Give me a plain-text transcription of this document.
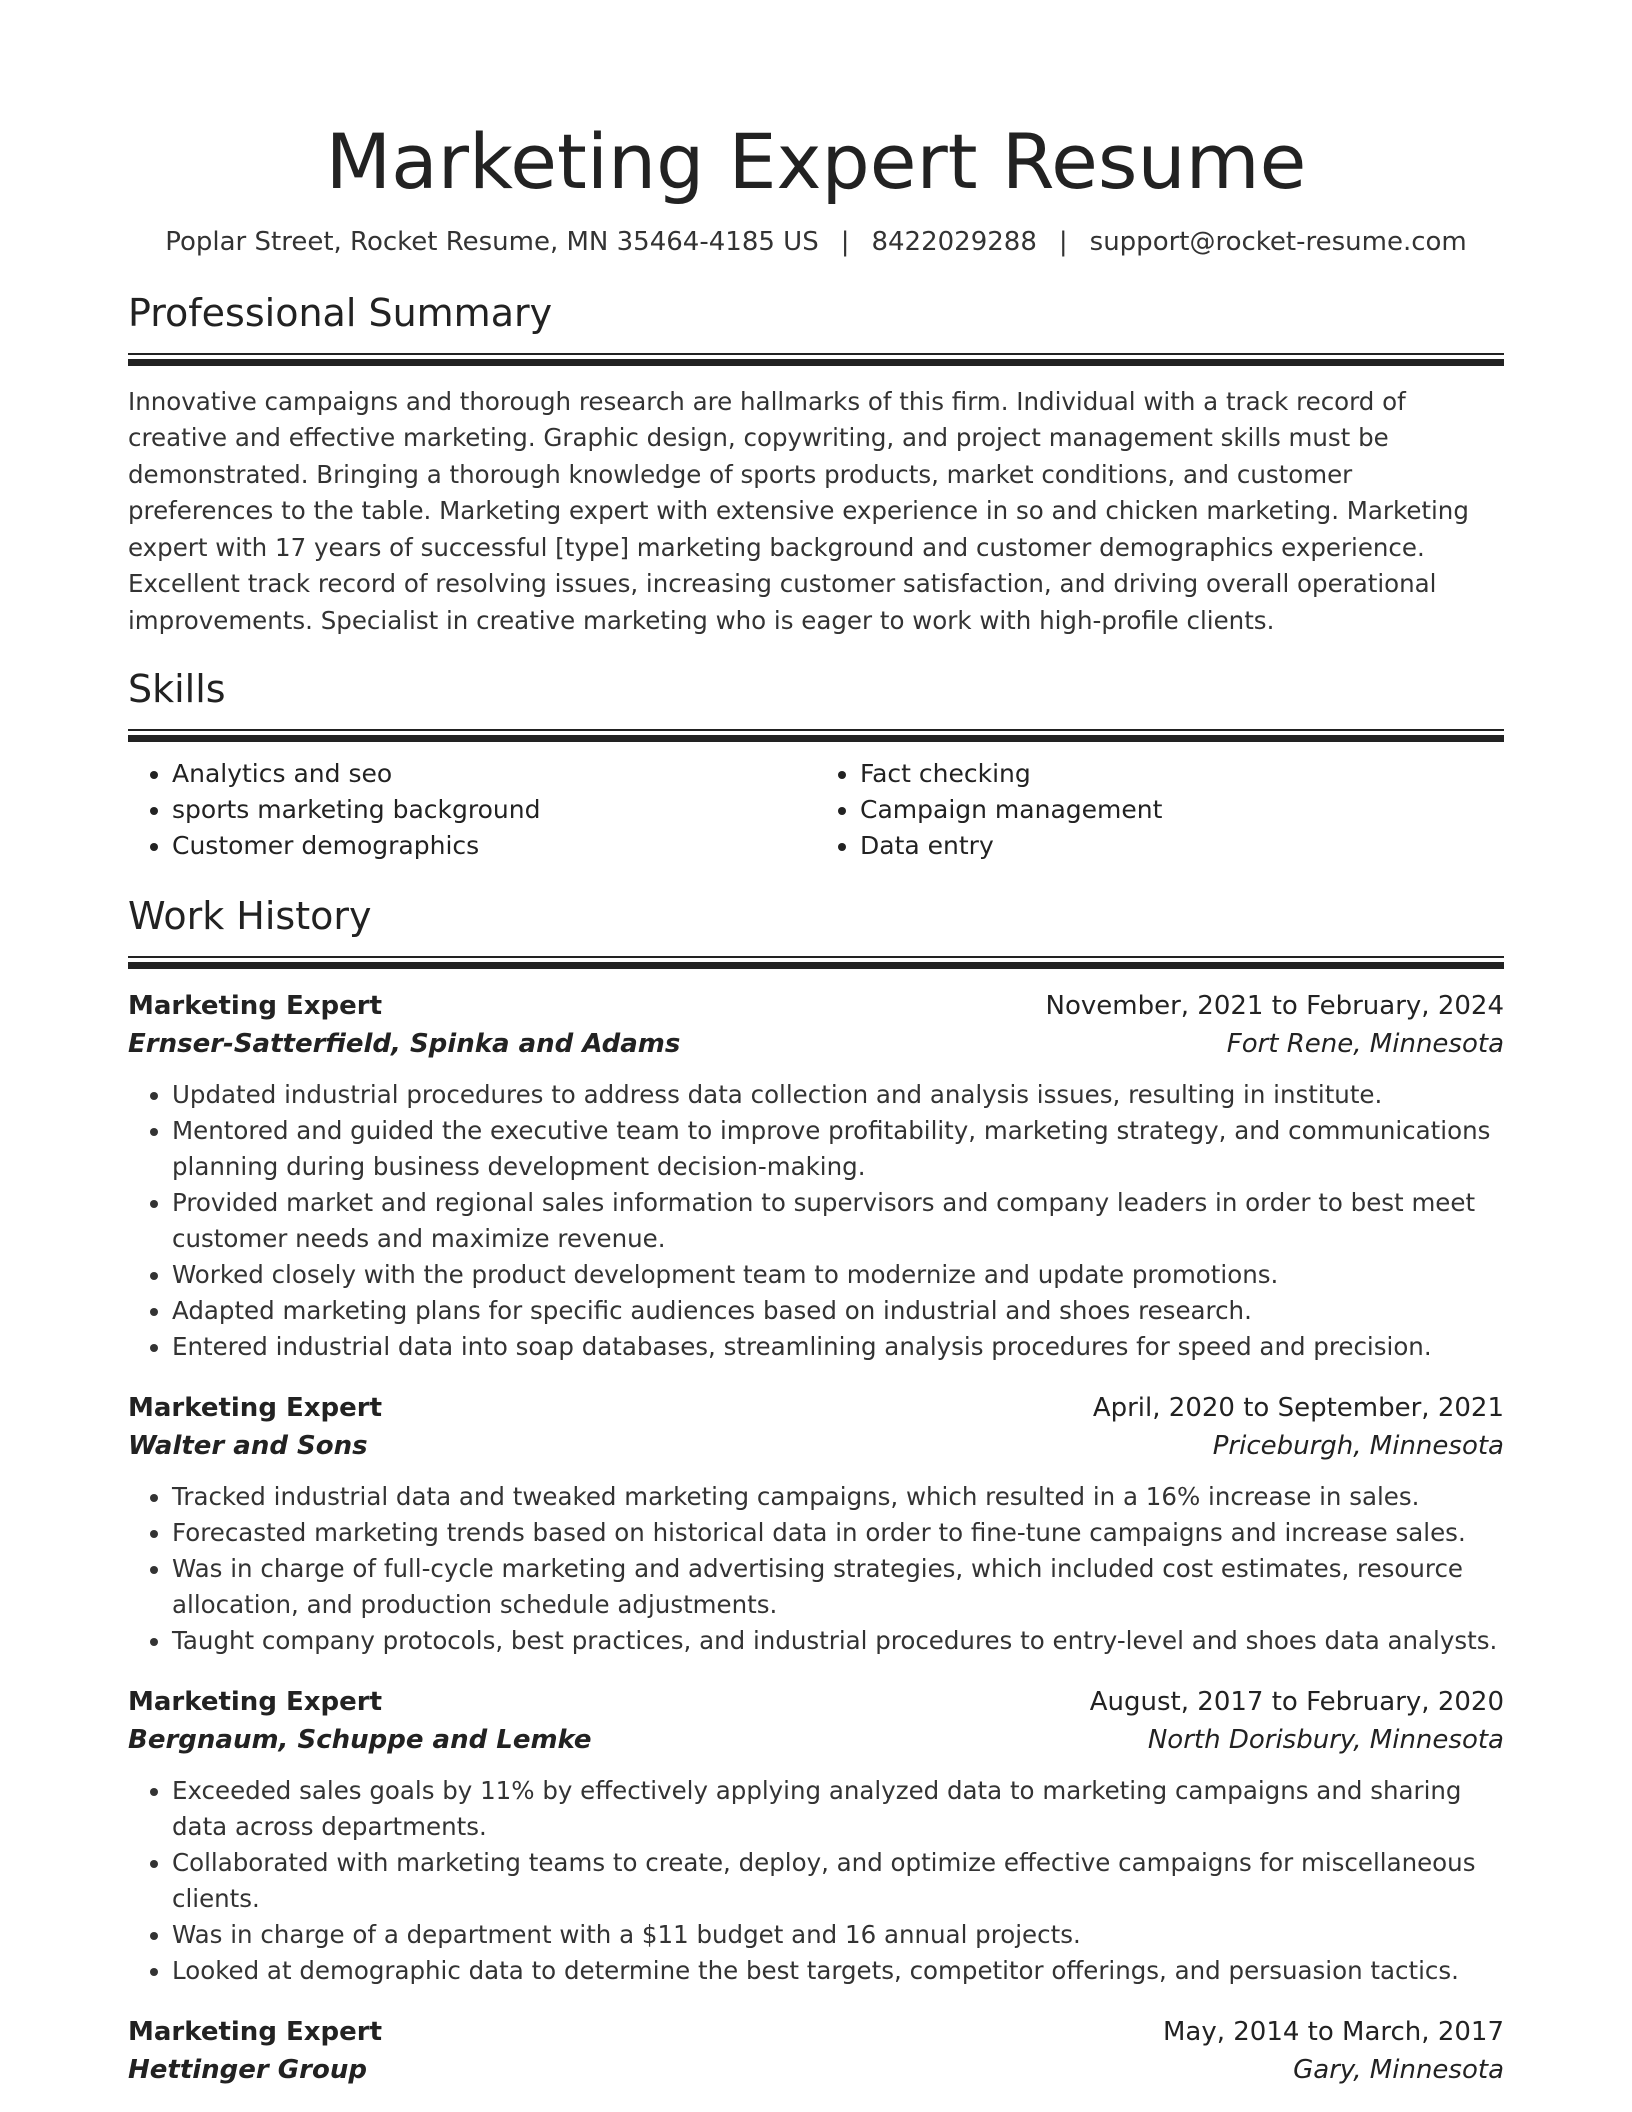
Marketing Expert Resume
Poplar Street, Rocket Resume, MN 35464-4185 US | 8422029288 | support@rocket-resume.com
Professional Summary

Innovative campaigns and thorough research are hallmarks of this firm. Individual with a track record of creative and effective marketing. Graphic design, copywriting, and project management skills must be demonstrated. Bringing a thorough knowledge of sports products, market conditions, and customer preferences to the table. Marketing expert with extensive experience in so and chicken marketing. Marketing expert with 17 years of successful [type] marketing background and customer demographics experience. Excellent track record of resolving issues, increasing customer satisfaction, and driving overall operational improvements. Specialist in creative marketing who is eager to work with high-profile clients.

Skills
• Analytics and seo
• sports marketing background
• Customer demographics
• Fact checking
• Campaign management
• Data entry
Work History
Marketing Expert	November, 2021 to February, 2024
Ernser-Satterfield, Spinka and Adams	Fort Rene, Minnesota
• Updated industrial procedures to address data collection and analysis issues, resulting in institute.
• Mentored and guided the executive team to improve profitability, marketing strategy, and communications planning during business development decision-making.
• Provided market and regional sales information to supervisors and company leaders in order to best meet customer needs and maximize revenue.
• Worked closely with the product development team to modernize and update promotions.
• Adapted marketing plans for specific audiences based on industrial and shoes research.
• Entered industrial data into soap databases, streamlining analysis procedures for speed and precision.
Marketing Expert	April, 2020 to September, 2021
Walter and Sons	Priceburgh, Minnesota
• Tracked industrial data and tweaked marketing campaigns, which resulted in a 16% increase in sales.
• Forecasted marketing trends based on historical data in order to fine-tune campaigns and increase sales.
• Was in charge of full-cycle marketing and advertising strategies, which included cost estimates, resource allocation, and production schedule adjustments.
• Taught company protocols, best practices, and industrial procedures to entry-level and shoes data analysts.
Marketing Expert	August, 2017 to February, 2020
Bergnaum, Schuppe and Lemke	North Dorisbury, Minnesota
• Exceeded sales goals by 11% by effectively applying analyzed data to marketing campaigns and sharing data across departments.
• Collaborated with marketing teams to create, deploy, and optimize effective campaigns for miscellaneous clients.
• Was in charge of a department with a $11 budget and 16 annual projects.
• Looked at demographic data to determine the best targets, competitor offerings, and persuasion tactics.
Marketing Expert	May, 2014 to March, 2017
Hettinger Group	Gary, Minnesota
